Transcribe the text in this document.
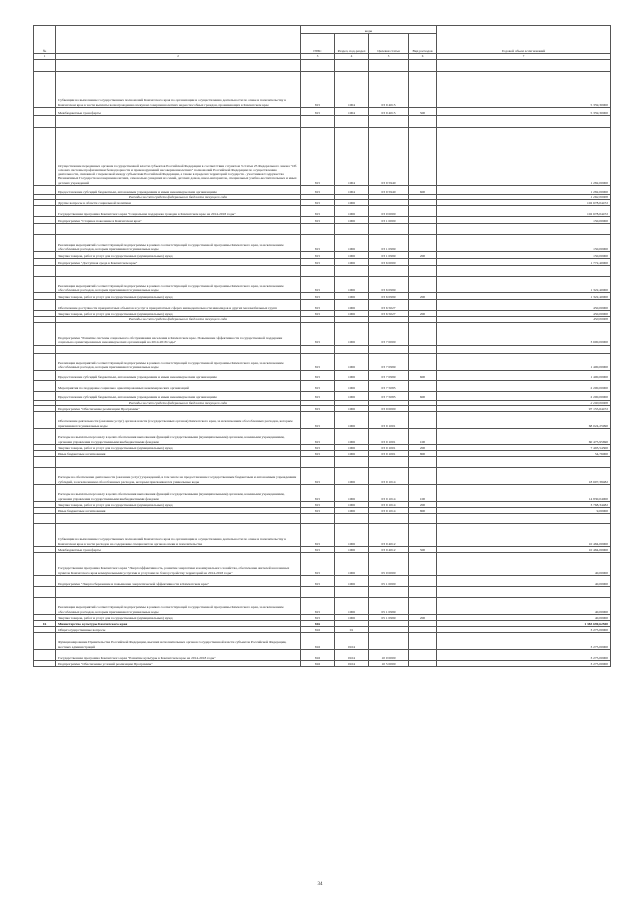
№		коды				Годовой объем ассигнований
		ГРБС	Раздел, под-раздел	Целевая статья	Вид расходов	
1	2	3	4	5	6	7

	Субвенции на выполнение государственных полномочий Камчатского края по организации и осуществлению деятельности по опеке и попечительству в Камчатском крае в части выплаты вознаграждения опекунам совершеннолетних недееспособных граждан, проживающих в Камчатском крае	815	1004	03 9 4015		5 359,30000
	Межбюджетные трансферты	815	1004	03 9 4015	500	5 359,30000

	Осуществление переданных органам государственной власти субъектов Российской Федерации в соответствии с пунктом 3 статьи 25 Федерального закона "Об основах системы профилактики безнадзорности и правонарушений несовершеннолетних" полномочий Российской Федерации по осуществлению деятельности, связанной с перевозкой между субъектами Российской Федерации, а также в пределах территорий государств - участников Содружества Независимых Государств несовершеннолетних, самовольно ушедших из семей, детских домов, школ-интернатов, специальных учебно-воспитательных и иных детских учреждений	815	1004	03 9 5940		1 282,00000
	Предоставление субсидий бюджетным, автономным учреждениям и иным некоммерческим организациям	815	1004	03 9 5940	600	1 282,00000
	Расходы за счет средств федерального бюджета текущего года					1 282,00000
	Другие вопросы в области социальной политики	815	1006			102 678,04472
	Государственная программа Камчатского края "Социальная поддержка граждан в Камчатском крае на 2014-2018 годы"	815	1006	03 0 0000		102 678,04472
	Подпрограмма "Старшее поколение в Камчатском крае"	815	1006	03 1 0000		150,00000

	Реализация мероприятий соответствующей подпрограммы в рамках соответствующей государственной программы Камчатского края, за исключением обособленных расходов, которым присваиваются уникальные коды	815	1006	03 1 0999		150,00000
	Закупка товаров, работ и услуг для государственных (муниципальных) нужд	815	1006	03 1 0999	200	150,00000
	Подпрограмма "Доступная среда в Камчатском крае"	815	1006	03 6 0000		1 772,40000

	Реализация мероприятий соответствующей подпрограммы в рамках соответствующей государственной программы Камчатского края, за исключением обособленных расходов, которым присваиваются уникальные коды	815	1006	03 6 0999		1 322,40000
	Закупка товаров, работ и услуг для государственных (муниципальных) нужд	815	1006	03 6 0999	200	1 322,40000
	Обеспечение доступности приоритетных объектов и услуг в приоритетных сферах жизнедеятельности инвалидов и других маломобильных групп	815	1006	03 6 5027		450,00000
	Закупка товаров, работ и услуг для государственных (муниципальных) нужд	815	1006	03 6 5027	200	450,00000
	Расходы за счет средств федерального бюджета текущего года					450,00000
	Подпрограмма "Развитие системы социального обслуживания населения в Камчатском крае. Повышение эффективности государственной поддержки социально ориентированных некоммерческих организаций на 2014-2018 годы"	815	1006	03 7 0000		3 600,00000

	Реализация мероприятий соответствующей подпрограммы в рамках соответствующей государственной программы Камчатского края, за исключением обособленных расходов, которым присваиваются уникальные коды	815	1006	03 7 0999		1 400,00000
	Предоставление субсидий бюджетным, автономным учреждениям и иным некоммерческим организациям	815	1006	03 7 0999	600	1 400,00000
	Мероприятия по поддержке социально ориентированных некоммерческих организаций	815	1006	03 7 5085		2 200,00000
	Предоставление субсидий бюджетным, автономным учреждениям и иным некоммерческим организациям	815	1006	03 7 5085	600	2 200,00000
	Расходы за счет средств федерального бюджета текущего года					2 200,00000
	Подпрограмма "Обеспечение реализации Программы"	815	1006	03 9 0000		97 155,64472
	Обеспечение деятельности (оказание услуг) органов власти (государственных органов) Камчатского края, за исключением обособленных расходов, которым присваиваются уникальные коды	815	1006	03 9 1001		68 024,25990
	Расходы на выплаты персоналу в целях обеспечения выполнения функций государственными (муниципальными) органами, казенными учреждениями, органами управления государственными внебюджетными фондами	815	1006	03 9 1001	100	60 475,95690
	Закупка товаров, работ и услуг для государственных (муниципальных) нужд	815	1006	03 9 1001	200	7 493,54300
	Иные бюджетные ассигнования	815	1006	03 9 1001	800	54,76000

	Расходы на обеспечение деятельности (оказание услуг) учреждений, в том числе на предоставление государственным бюджетным и автономным учреждениям субсидий, за исключением обособленных расходов, которым присваиваются уникальные коды	815	1006	03 9 1014		18 607,38482
	Расходы на выплаты персоналу в целях обеспечения выполнения функций государственными (муниципальными) органами, казенными учреждениями, органами управления государственными внебюджетными фондами	815	1006	03 9 1014	100	14 830,04000
	Закупка товаров, работ и услуг для государственных (муниципальных) нужд	815	1006	03 9 1014	200	3 768,34482
	Иные бюджетные ассигнования	815	1006	03 9 1014	800	9,00000

	Субвенции на выполнение государственных полномочий Камчатского края по организации и осуществлению деятельности по опеке и попечительству в Камчатском крае в части расходов на содержание специалистов органов опеки и попечительства	815	1006	03 9 4012		10 484,00000
	Межбюджетные трансферты	815	1006	03 9 4012	500	10 484,00000
	Государственная программа Камчатского края "Энергоэффективность, развитие энергетики и коммунального хозяйства, обеспечение жителей населенных пунктов Камчатского края коммунальными услугами и услугами по благоустройству территорий на 2014-2018 годы"	815	1006	05 0 0000		40,00000
	Подпрограмма "Энергосбережение и повышение энергетической эффективности в Камчатском крае"	815	1006	05 1 0000		40,00000

	Реализация мероприятий соответствующей подпрограммы в рамках соответствующей государственной программы Камчатского края, за исключением обособленных расходов, которым присваиваются уникальные коды	815	1006	05 1 0999		40,00000
	Закупка товаров, работ и услуг для государственных (муниципальных) нужд	815	1006	05 1 0999	200	40,00000
16	Министерство культуры Камчатского края	816				1 383 690,62500
	Общегосударственные вопросы	816	01			3 275,00000
	Функционирование Правительства Российской Федерации, высших исполнительных органов государственной власти субъектов Российской Федерации, местных администраций	816	0104			3 275,00000
	Государственная программа Камчатского края "Развитие культуры в Камчатском крае на 2014-2018 годы"	816	0104	10 0 0000		3 275,00000
	Подпрограмма "Обеспечение условий реализации Программы"	816	0104	10 5 0000		3 275,00000
34
